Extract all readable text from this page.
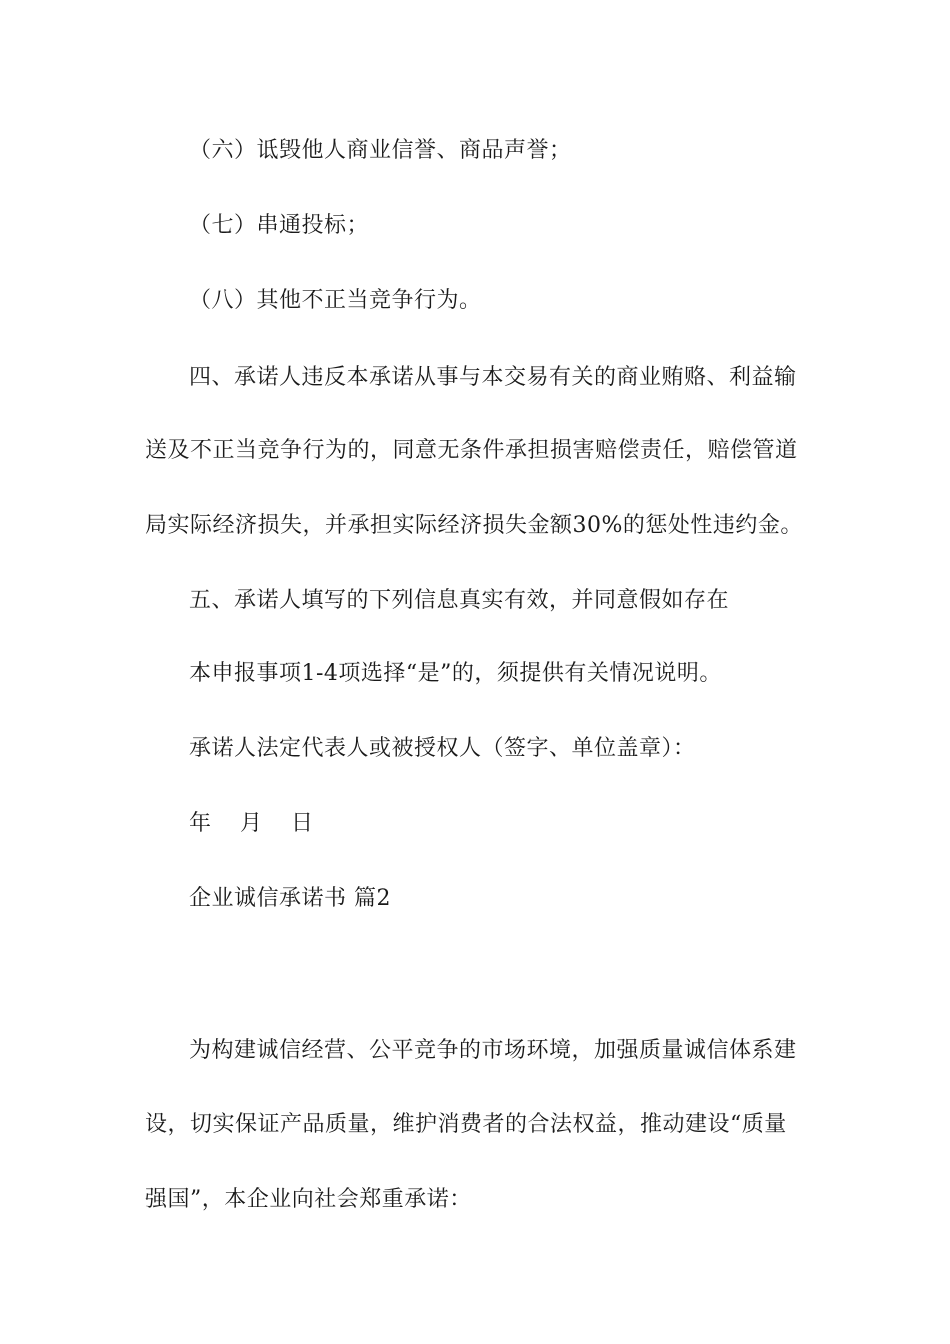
（六）诋毁他人商业信誉、商品声誉；
（七）串通投标；
（八）其他不正当竞争行为。
四、承诺人违反本承诺从事与本交易有关的商业贿赂、利益输
送及不正当竞争行为的，同意无条件承担损害赔偿责任，赔偿管道
局实际经济损失，并承担实际经济损失金额30%的惩处性违约金。
五、承诺人填写的下列信息真实有效，并同意假如存在
本申报事项1-4项选择“是”的，须提供有关情况说明。
承诺人法定代表人或被授权人（签字、单位盖章）：
年　月　日
企业诚信承诺书 篇2
为构建诚信经营、公平竞争的市场环境，加强质量诚信体系建
设，切实保证产品质量，维护消费者的合法权益，推动建设“质量
强国”，本企业向社会郑重承诺：
